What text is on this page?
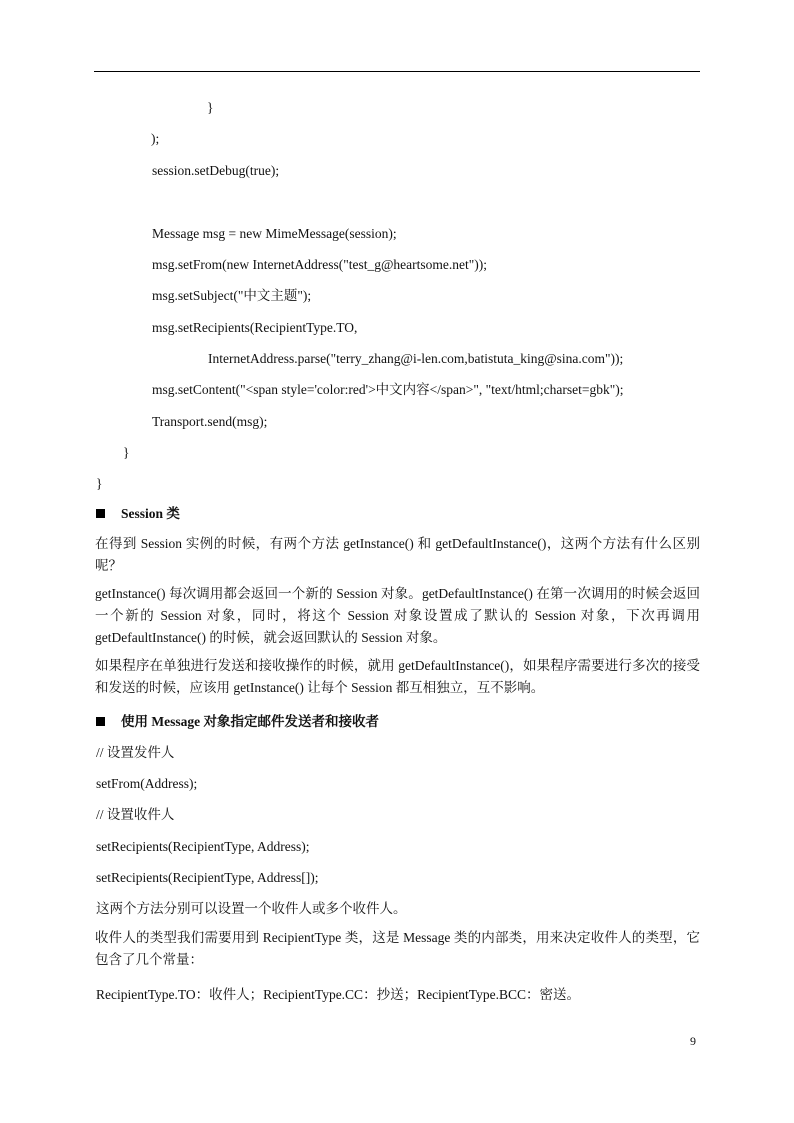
}
);
session.setDebug(true);
Message msg = new MimeMessage(session);
msg.setFrom(new InternetAddress("test_g@heartsome.net"));
msg.setSubject("中文主题");
msg.setRecipients(RecipientType.TO,
InternetAddress.parse("terry_zhang@i-len.com,batistuta_king@sina.com"));
msg.setContent("<span style='color:red'>中文内容</span>", "text/html;charset=gbk");
Transport.send(msg);
}
}
Session 类
在得到 Session 实例的时候，有两个方法 getInstance() 和 getDefaultInstance()，这两个方法有什么区别呢？
getInstance() 每次调用都会返回一个新的 Session 对象。getDefaultInstance() 在第一次调用的时候会返回一个新的 Session 对象，同时，将这个 Session 对象设置成了默认的 Session 对象，下次再调用 getDefaultInstance() 的时候，就会返回默认的 Session 对象。
如果程序在单独进行发送和接收操作的时候，就用 getDefaultInstance()，如果程序需要进行多次的接受和发送的时候，应该用 getInstance() 让每个 Session 都互相独立，互不影响。
使用 Message 对象指定邮件发送者和接收者
// 设置发件人
setFrom(Address);
// 设置收件人
setRecipients(RecipientType, Address);
setRecipients(RecipientType, Address[]);
这两个方法分别可以设置一个收件人或多个收件人。
收件人的类型我们需要用到 RecipientType 类，这是 Message 类的内部类，用来决定收件人的类型，它包含了几个常量：
RecipientType.TO：收件人；RecipientType.CC：抄送；RecipientType.BCC：密送。
9
